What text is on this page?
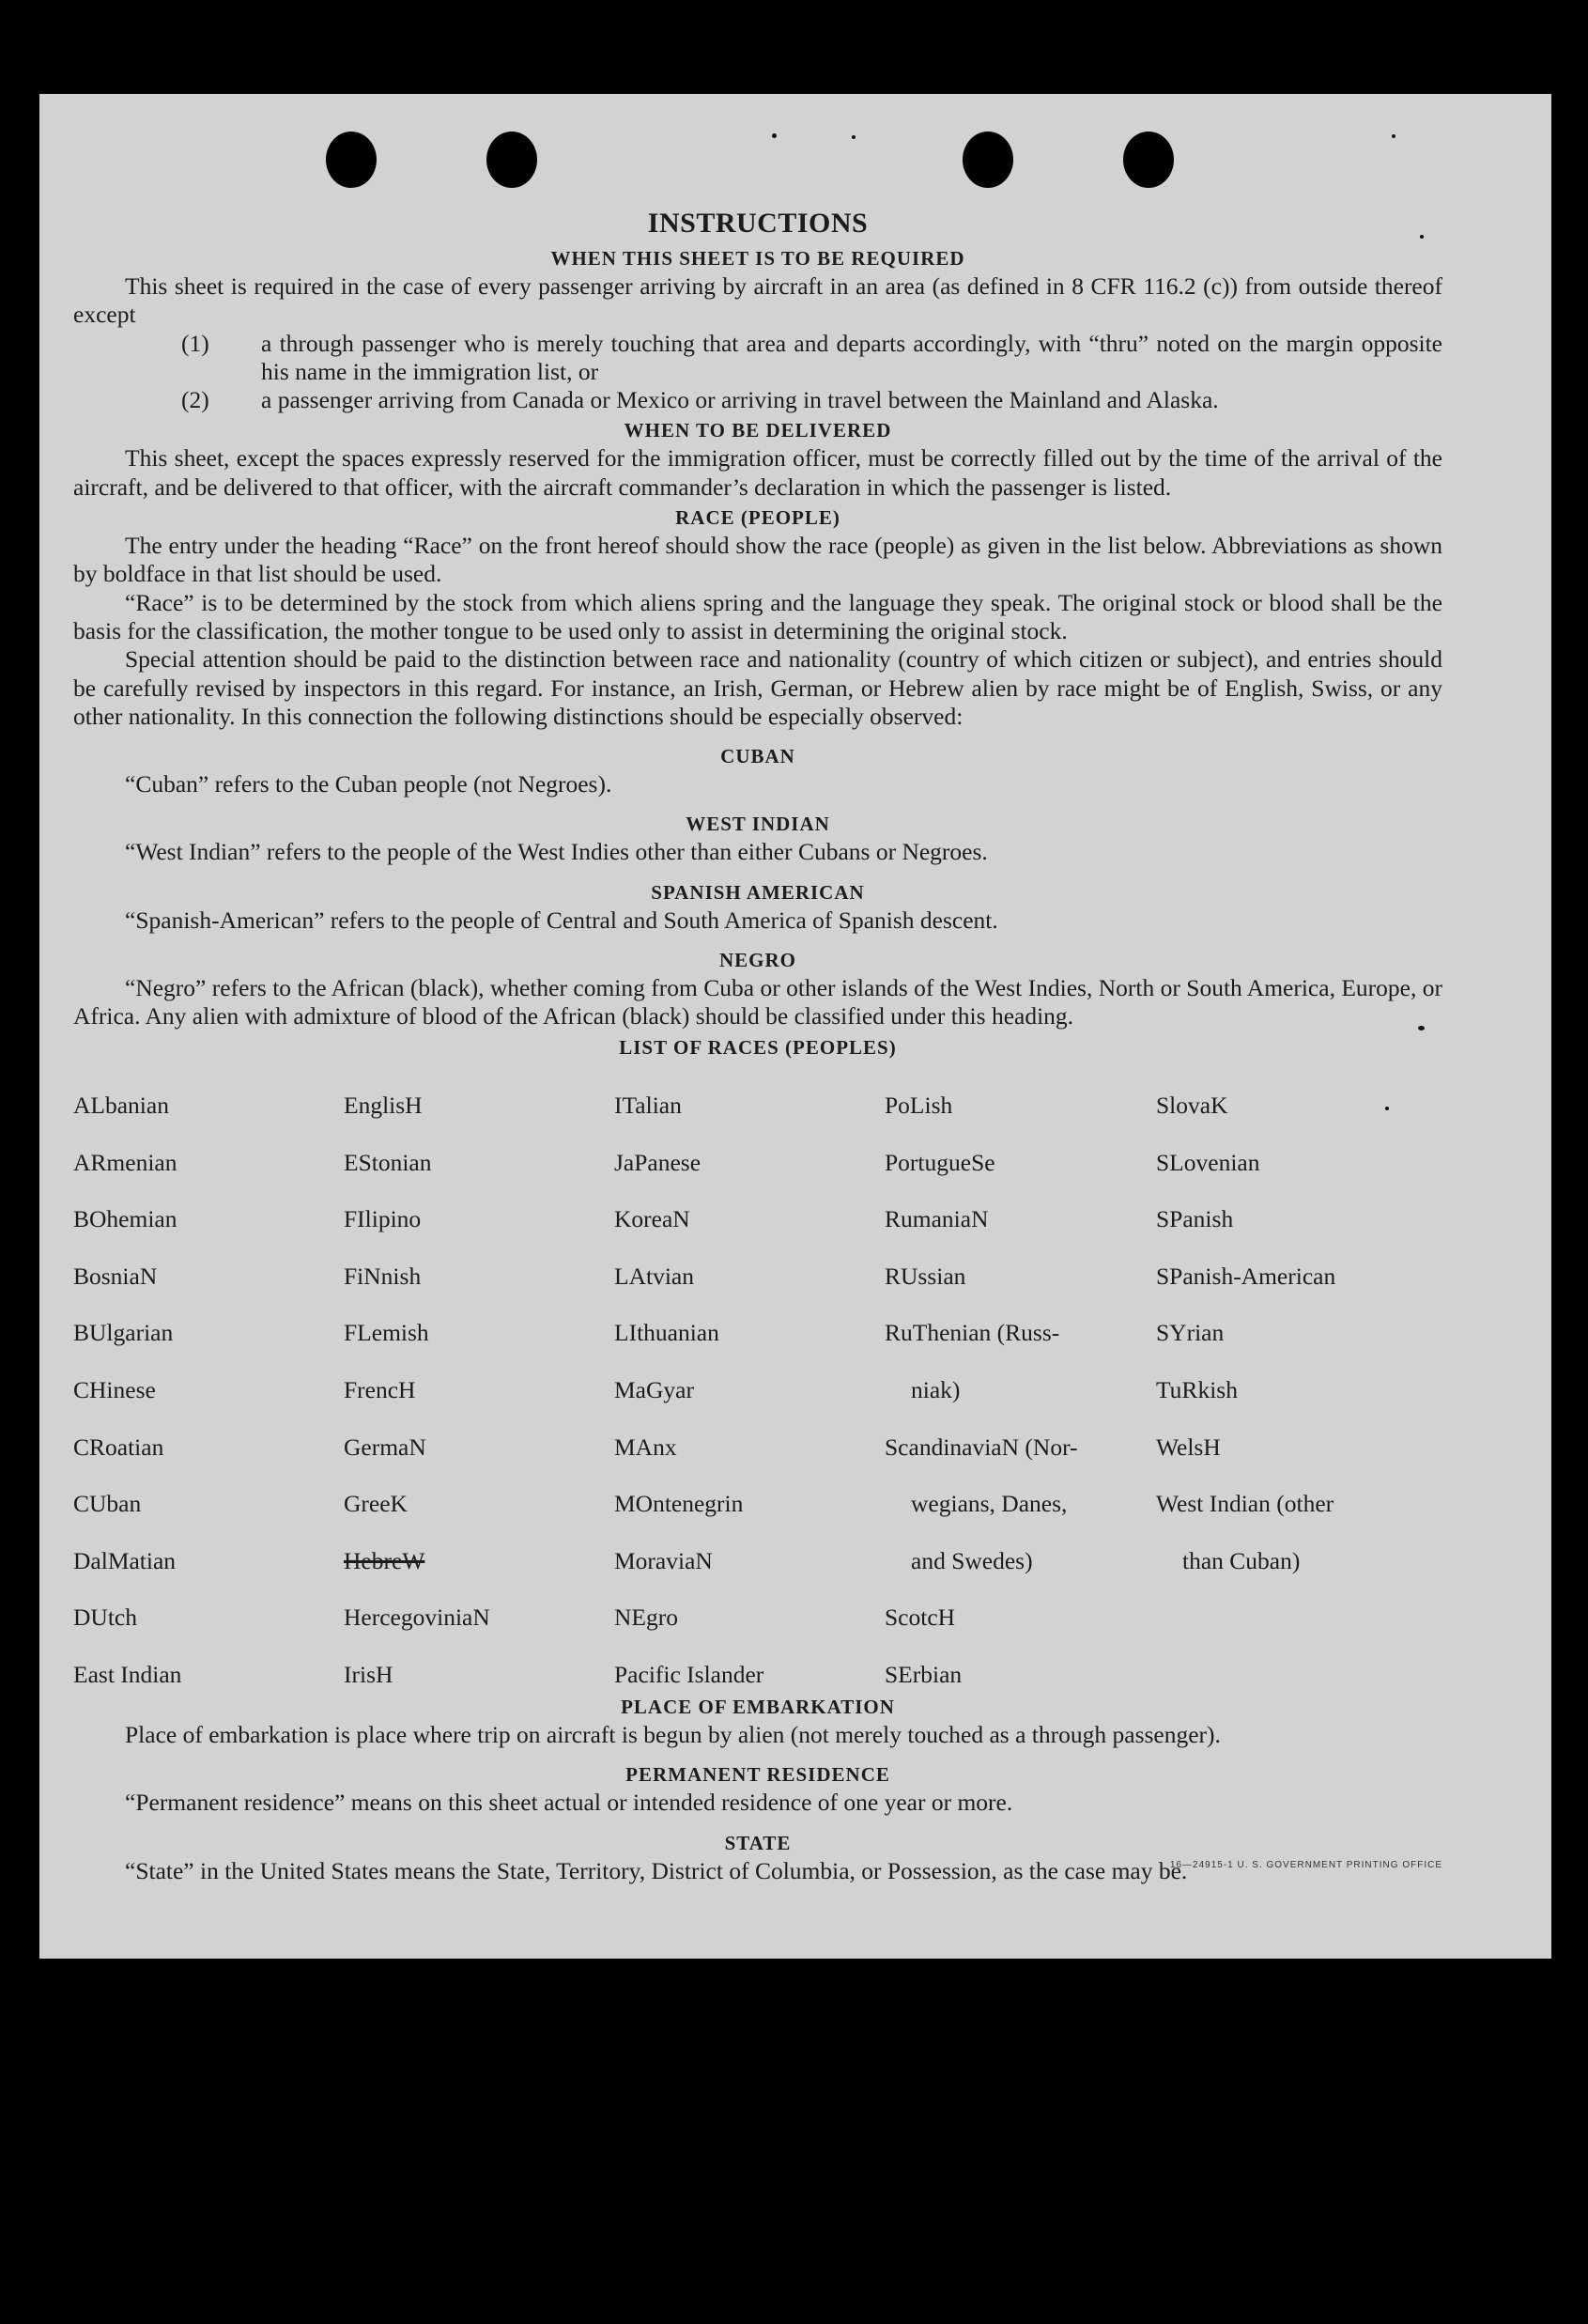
INSTRUCTIONS
WHEN THIS SHEET IS TO BE REQUIRED

This sheet is required in the case of every passenger arriving by aircraft in an area (as defined in 8 CFR 116.2 (c)) from outside thereof except

(1) a through passenger who is merely touching that area and departs accordingly, with “thru” noted on the margin opposite his name in the immigration list, or

(2) a passenger arriving from Canada or Mexico or arriving in travel between the Mainland and Alaska.

WHEN TO BE DELIVERED

This sheet, except the spaces expressly reserved for the immigration officer, must be correctly filled out by the time of the arrival of the aircraft, and be delivered to that officer, with the aircraft commander’s declaration in which the passenger is listed.

RACE (PEOPLE)

The entry under the heading “Race” on the front hereof should show the race (people) as given in the list below. Abbreviations as shown by boldface in that list should be used.

“Race” is to be determined by the stock from which aliens spring and the language they speak. The original stock or blood shall be the basis for the classification, the mother tongue to be used only to assist in determining the original stock.

Special attention should be paid to the distinction between race and nationality (country of which citizen or subject), and entries should be carefully revised by inspectors in this regard. For instance, an Irish, German, or Hebrew alien by race might be of English, Swiss, or any other nationality. In this connection the following distinctions should be especially observed:

CUBAN

“Cuban” refers to the Cuban people (not Negroes).

WEST INDIAN

“West Indian” refers to the people of the West Indies other than either Cubans or Negroes.

SPANISH AMERICAN

“Spanish-American” refers to the people of Central and South America of Spanish descent.

NEGRO

“Negro” refers to the African (black), whether coming from Cuba or other islands of the West Indies, North or South America, Europe, or Africa. Any alien with admixture of blood of the African (black) should be classified under this heading.

LIST OF RACES (PEOPLES)

ALbanian

ARmenian

BOhemian

BosniaN

BUlgarian

CHinese

CRoatian

CUban

DalMatian

DUtch

East Indian

EnglisH

EStonian

FIlipino

FiNnish

FLemish

FrencH

GermaN

GreeK

HebreW

HercegoviniaN

IrisH

ITalian

JaPanese

KoreaN

LAtvian

LIthuanian

MaGyar

MAnx

MOntenegrin

MoraviaN

NEgro

Pacific Islander

PoLish

PortugueSe

RumaniaN

RUssian

RuThenian (Russ-

niak)

ScandinaviaN (Nor-

wegians, Danes,

and Swedes)

ScotcH

SErbian

SlovaK

SLovenian

SPanish

SPanish-American

SYrian

TuRkish

WelsH

West Indian (other

than Cuban)

PLACE OF EMBARKATION

Place of embarkation is place where trip on aircraft is begun by alien (not merely touched as a through passenger).

PERMANENT RESIDENCE

“Permanent residence” means on this sheet actual or intended residence of one year or more.

STATE

“State” in the United States means the State, Territory, District of Columbia, or Possession, as the case may be.

16—24915-1 U. S. GOVERNMENT PRINTING OFFICE
